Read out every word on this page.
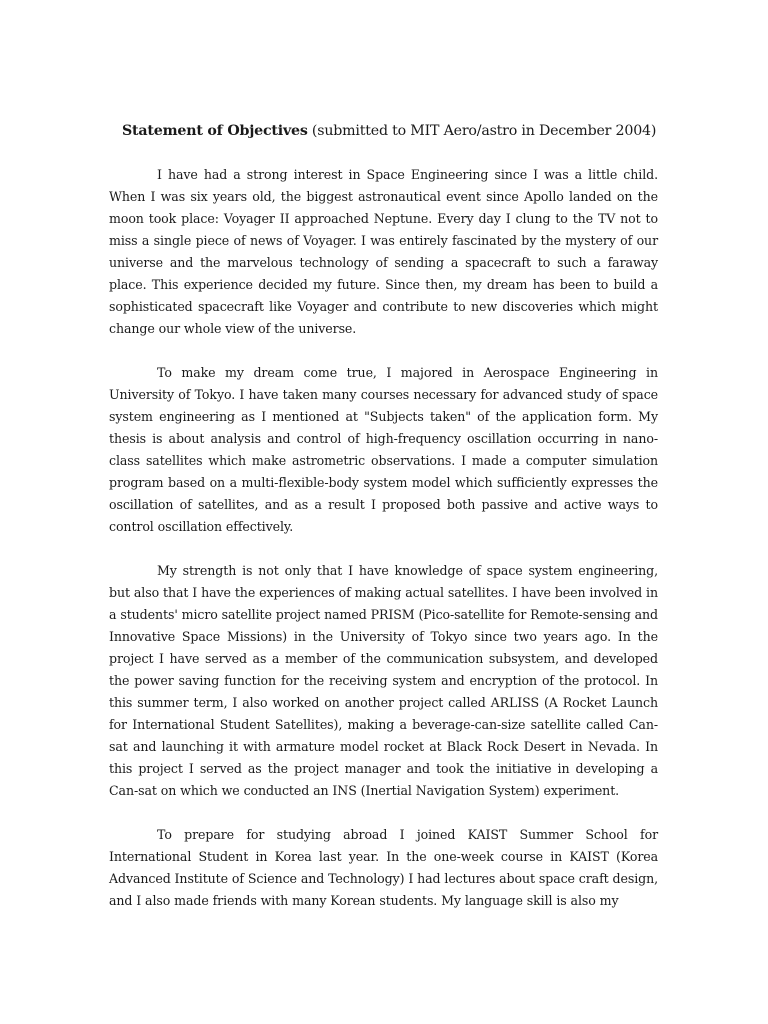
Statement of Objectives (submitted to MIT Aero/astro in December 2004)

I have had a strong interest in Space Engineering since I was a little child. When I was six years old, the biggest astronautical event since Apollo landed on the moon took place: Voyager II approached Neptune. Every day I clung to the TV not to miss a single piece of news of Voyager. I was entirely fascinated by the mystery of our universe and the marvelous technology of sending a spacecraft to such a faraway place. This experience decided my future. Since then, my dream has been to build a sophisticated spacecraft like Voyager and contribute to new discoveries which might change our whole view of the universe.

To make my dream come true, I majored in Aerospace Engineering in University of Tokyo. I have taken many courses necessary for advanced study of space system engineering as I mentioned at "Subjects taken" of the application form. My thesis is about analysis and control of high-frequency oscillation occurring in nano-class satellites which make astrometric observations. I made a computer simulation program based on a multi-flexible-body system model which sufficiently expresses the oscillation of satellites, and as a result I proposed both passive and active ways to control oscillation effectively.

My strength is not only that I have knowledge of space system engineering, but also that I have the experiences of making actual satellites. I have been involved in a students' micro satellite project named PRISM (Pico-satellite for Remote-sensing and Innovative Space Missions) in the University of Tokyo since two years ago. In the project I have served as a member of the communication subsystem, and developed the power saving function for the receiving system and encryption of the protocol. In this summer term, I also worked on another project called ARLISS (A Rocket Launch for International Student Satellites), making a beverage-can-size satellite called Can-sat and launching it with armature model rocket at Black Rock Desert in Nevada. In this project I served as the project manager and took the initiative in developing a Can-sat on which we conducted an INS (Inertial Navigation System) experiment.

To prepare for studying abroad I joined KAIST Summer School for International Student in Korea last year. In the one-week course in KAIST (Korea Advanced Institute of Science and Technology) I had lectures about space craft design, and I also made friends with many Korean students. My language skill is also my
